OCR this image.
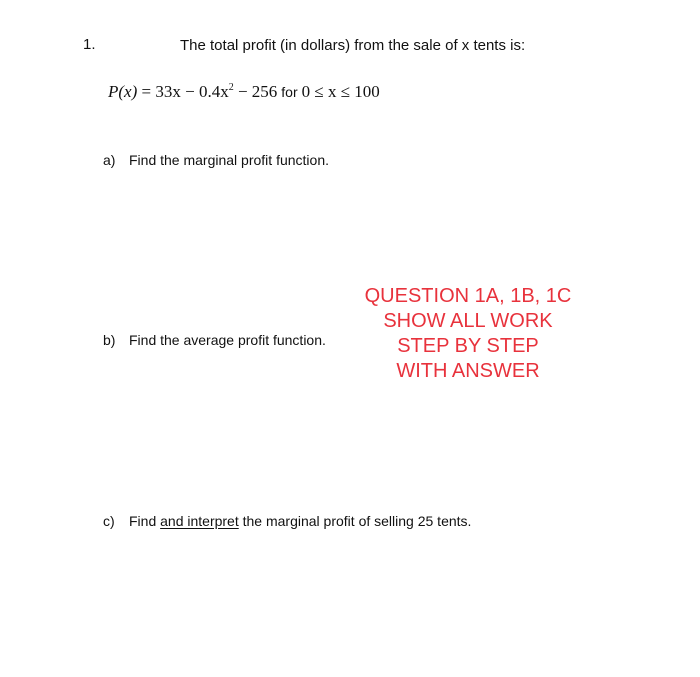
1.	The total profit (in dollars) from the sale of x tents is:
$P(x) = 33x - 0.4x^2 - 256$ for 0 ≤ x ≤ 100
a) Find the marginal profit function.
b) Find the average profit function.
QUESTION 1A, 1B, 1C
SHOW ALL WORK
STEP BY STEP
WITH ANSWER
c) Find and interpret the marginal profit of selling 25 tents.
